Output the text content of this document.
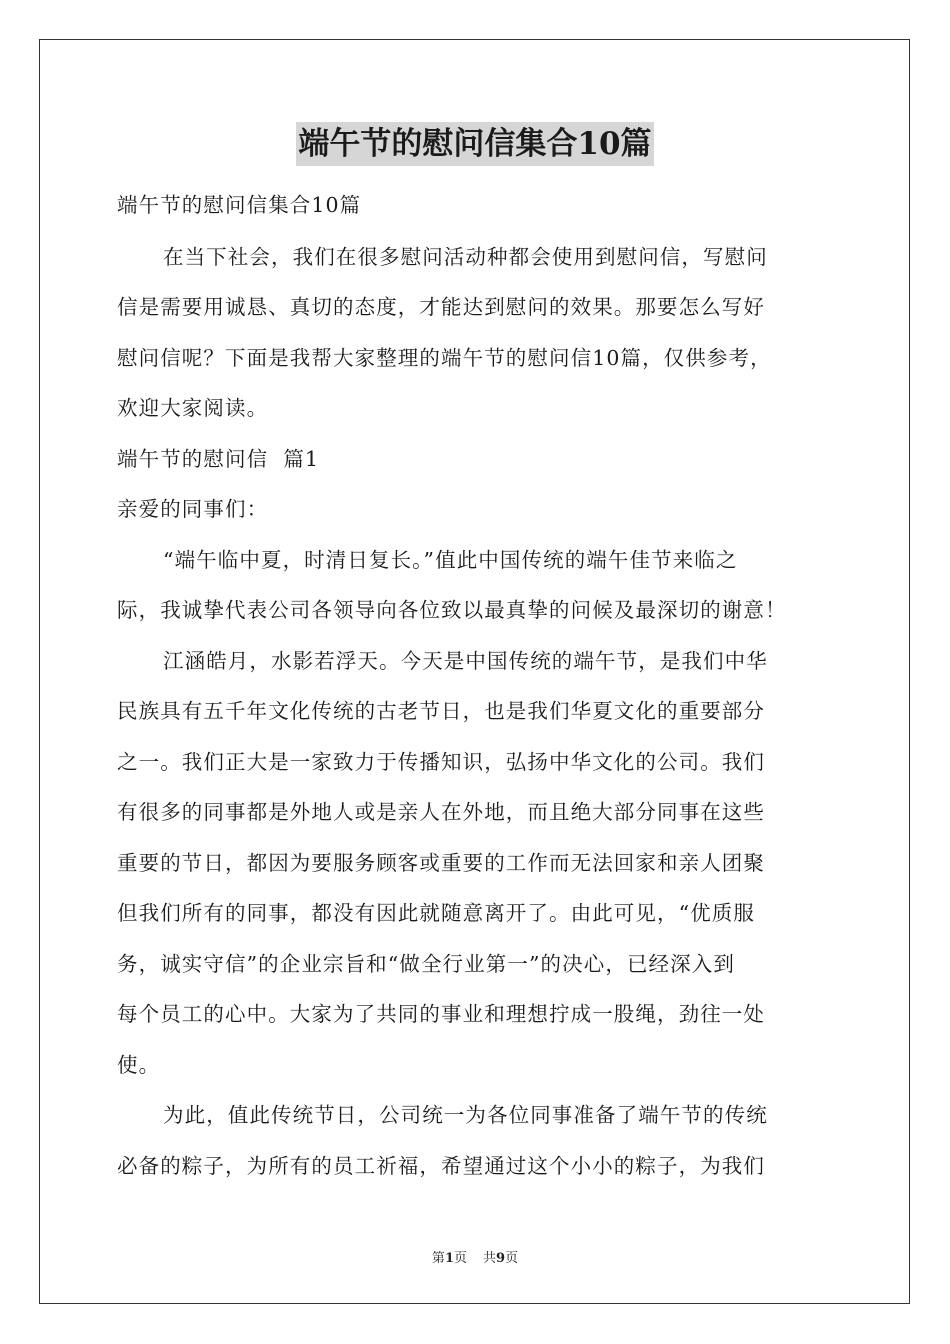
端午节的慰问信集合10篇
端午节的慰问信集合10篇
在当下社会，我们在很多慰问活动种都会使用到慰问信，写慰问
信是需要用诚恳、真切的态度，才能达到慰问的效果。那要怎么写好
慰问信呢？下面是我帮大家整理的端午节的慰问信10篇，仅供参考，
欢迎大家阅读。
端午节的慰问信  篇1
亲爱的同事们：
“端午临中夏，时清日复长。”值此中国传统的端午佳节来临之
际，我诚挚代表公司各领导向各位致以最真挚的问候及最深切的谢意！
江涵皓月，水影若浮天。今天是中国传统的端午节，是我们中华
民族具有五千年文化传统的古老节日，也是我们华夏文化的重要部分
之一。我们正大是一家致力于传播知识，弘扬中华文化的公司。我们
有很多的同事都是外地人或是亲人在外地，而且绝大部分同事在这些
重要的节日，都因为要服务顾客或重要的工作而无法回家和亲人团聚
但我们所有的同事，都没有因此就随意离开了。由此可见，“优质服
务，诚实守信”的企业宗旨和“做全行业第一”的决心，已经深入到
每个员工的心中。大家为了共同的事业和理想拧成一股绳，劲往一处
使。
为此，值此传统节日，公司统一为各位同事准备了端午节的传统
必备的粽子，为所有的员工祈福，希望通过这个小小的粽子，为我们
第1页 共9页
